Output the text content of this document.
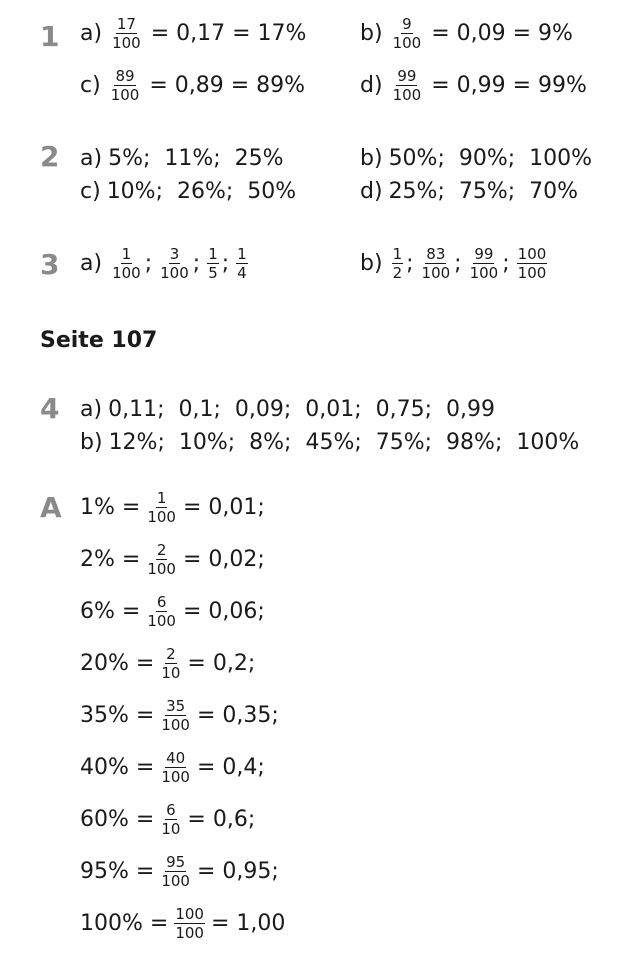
1 $a) \frac{17}{100} = 0,17 = 17\%$ $b) \frac{9}{100} = 0,09 = 9\%$
$c) \frac{89}{100} = 0,89 = 89\%$ $d) \frac{99}{100} = 0,99 = 99\%$
2 a) 5%;  11%;  25%	b) 50%;  90%;  100%
c) 10%;  26%;  50%	d) 25%;  75%;  70%
3 $a) \frac{1}{100}$ ; $\frac{3}{100}$ ; $\frac{1}{5}$ ; $\frac{1}{4}$	$b) \frac{1}{2}$ ; $\frac{83}{100}$ ; $\frac{99}{100}$ ; $\frac{100}{100}$
Seite 107
4 a) 0,11;  0,1;  0,09;  0,01;  0,75;  0,99
b) 12%;  10%;  8%;  45%;  75%;  98%;  100%
A $1\% = \frac{1}{100} = 0,01$;
$2\% = \frac{2}{100} = 0,02$;
$6\% = \frac{6}{100} = 0,06$;
$20\% = \frac{2}{10} = 0,2$;
$35\% = \frac{35}{100} = 0,35$;
$40\% = \frac{40}{100} = 0,4$;
$60\% = \frac{6}{10} = 0,6$;
$95\% = \frac{95}{100} = 0,95$;
$100\% = \frac{100}{100} = 1,00$
